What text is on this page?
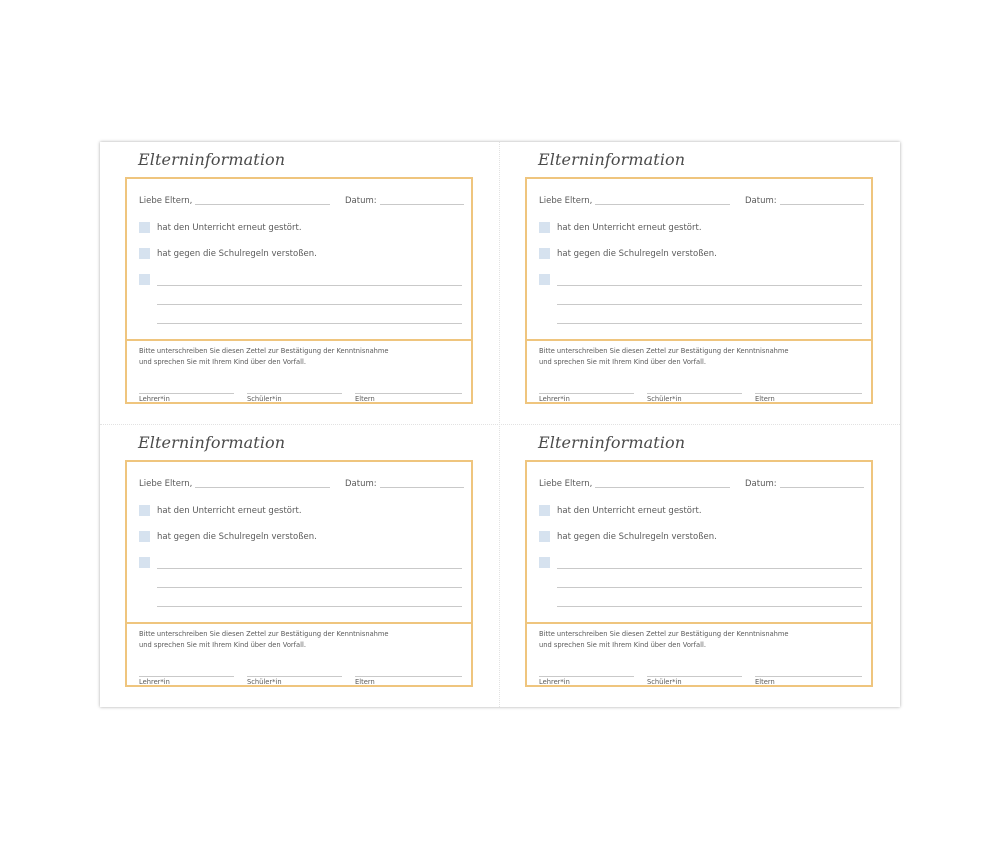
Elterninformation
Liebe Eltern,	Datum:
hat den Unterricht erneut gestört.
hat gegen die Schulregeln verstoßen.
Bitte unterschreiben Sie diesen Zettel zur Bestätigung der Kenntnisnahme
und sprechen Sie mit Ihrem Kind über den Vorfall.
Lehrer*in	Schüler*in	Eltern
Elterninformation
Liebe Eltern,	Datum:
hat den Unterricht erneut gestört.
hat gegen die Schulregeln verstoßen.
Bitte unterschreiben Sie diesen Zettel zur Bestätigung der Kenntnisnahme
und sprechen Sie mit Ihrem Kind über den Vorfall.
Lehrer*in	Schüler*in	Eltern
Elterninformation
Liebe Eltern,	Datum:
hat den Unterricht erneut gestört.
hat gegen die Schulregeln verstoßen.
Bitte unterschreiben Sie diesen Zettel zur Bestätigung der Kenntnisnahme
und sprechen Sie mit Ihrem Kind über den Vorfall.
Lehrer*in	Schüler*in	Eltern
Elterninformation
Liebe Eltern,	Datum:
hat den Unterricht erneut gestört.
hat gegen die Schulregeln verstoßen.
Bitte unterschreiben Sie diesen Zettel zur Bestätigung der Kenntnisnahme
und sprechen Sie mit Ihrem Kind über den Vorfall.
Lehrer*in	Schüler*in	Eltern
